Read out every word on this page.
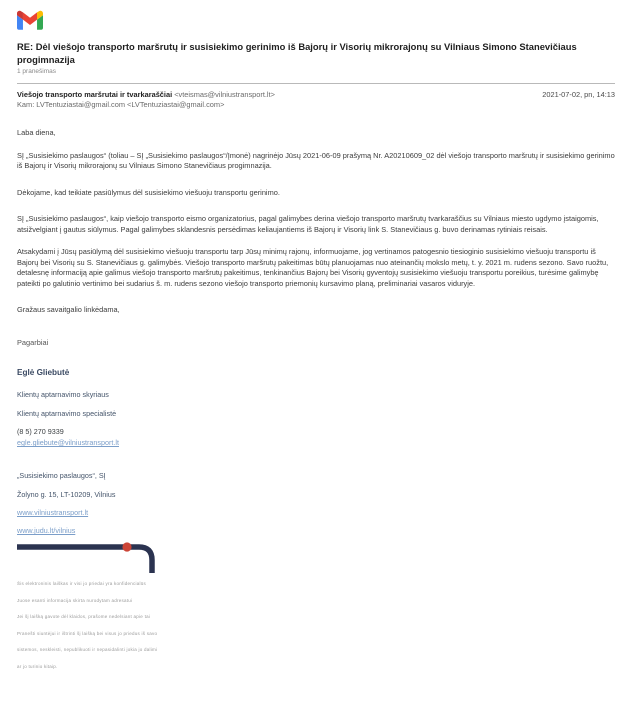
RE: Dėl viešojo transporto maršrutų ir susisiekimo gerinimo iš Bajorų ir Visorių mikrorajonų su Vilniaus Simono Stanevičiaus progimnazija
1 pranešimas
Viešojo transporto maršrutai ir tvarkaraščiai <vteismas@vilniustransport.lt>
Kam: LVTentuziastai@gmail.com <LVTentuziastai@gmail.com>
2021-07-02, pn, 14:13

Laba diena,

SĮ „Susisiekimo paslaugos“ (toliau – SĮ „Susisiekimo paslaugos“/Įmonė) nagrinėjo Jūsų 2021-06-09 prašymą Nr. A20210609_02 dėl viešojo transporto maršrutų ir susisiekimo gerinimo iš Bajorų ir Visorių mikrorajonų su Vilniaus Simono Stanevičiaus progimnazija.

Dėkojame, kad teikiate pasiūlymus dėl susisiekimo viešuoju transportu gerinimo.

SĮ „Susisiekimo paslaugos“, kaip viešojo transporto eismo organizatorius, pagal galimybes derina viešojo transporto maršrutų tvarkaraščius su Vilniaus miesto ugdymo įstaigomis, atsižvelgiant į gautus siūlymus. Pagal galimybes sklandesnis persėdimas keliaujantiems iš Bajorų ir Visorių link S. Stanevičiaus g. buvo derinamas rytiniais reisais.

Atsakydami į Jūsų pasiūlymą dėl susisiekimo viešuoju transportu tarp Jūsų minimų rajonų, informuojame, jog vertinamos patogesnio tiesioginio susisiekimo viešuoju transportu iš Bajorų bei Visorių su S. Stanevičiaus g. galimybės. Viešojo transporto maršrutų pakeitimas būtų planuojamas nuo ateinančių mokslo metų, t. y. 2021 m. rudens sezono. Savo ruožtu, detalesnę informaciją apie galimus viešojo transporto maršrutų pakeitimus, tenkinančius Bajorų bei Visorių gyventojų susisiekimo viešuoju transportu poreikius, turėsime galimybę pateikti po galutinio vertinimo bei sudarius š. m. rudens sezono viešojo transporto priemonių kursavimo planą, preliminariai vasaros viduryje.

Gražaus savaitgalio linkėdama,

Pagarbiai

Eglė Gliebutė
Klientų aptarnavimo skyriaus
Klientų aptarnavimo specialistė
(8 5) 270 9339
egle.gliebute@vilniustransport.lt
„Susisiekimo paslaugos“, SĮ
Žolyno g. 15, LT-10209, Vilnius
www.vilniustransport.lt
www.judu.lt/vilnius
Šis elektroninis laiškas ir visi jo priedai yra konfidencialūs
Juose esanti informacija skirta nurodytam adresatui
Jei šį laišką gavote dėl klaidos, prašome nedelsiant apie tai
Pranešti siuntėjui ir ištrinti šį laišką bei visus jo priedus iš savo
sistemos, neskleisti, nepublikuoti ir nepasidalinti jokia jo dalimi
ar jo turinio kitaip.
